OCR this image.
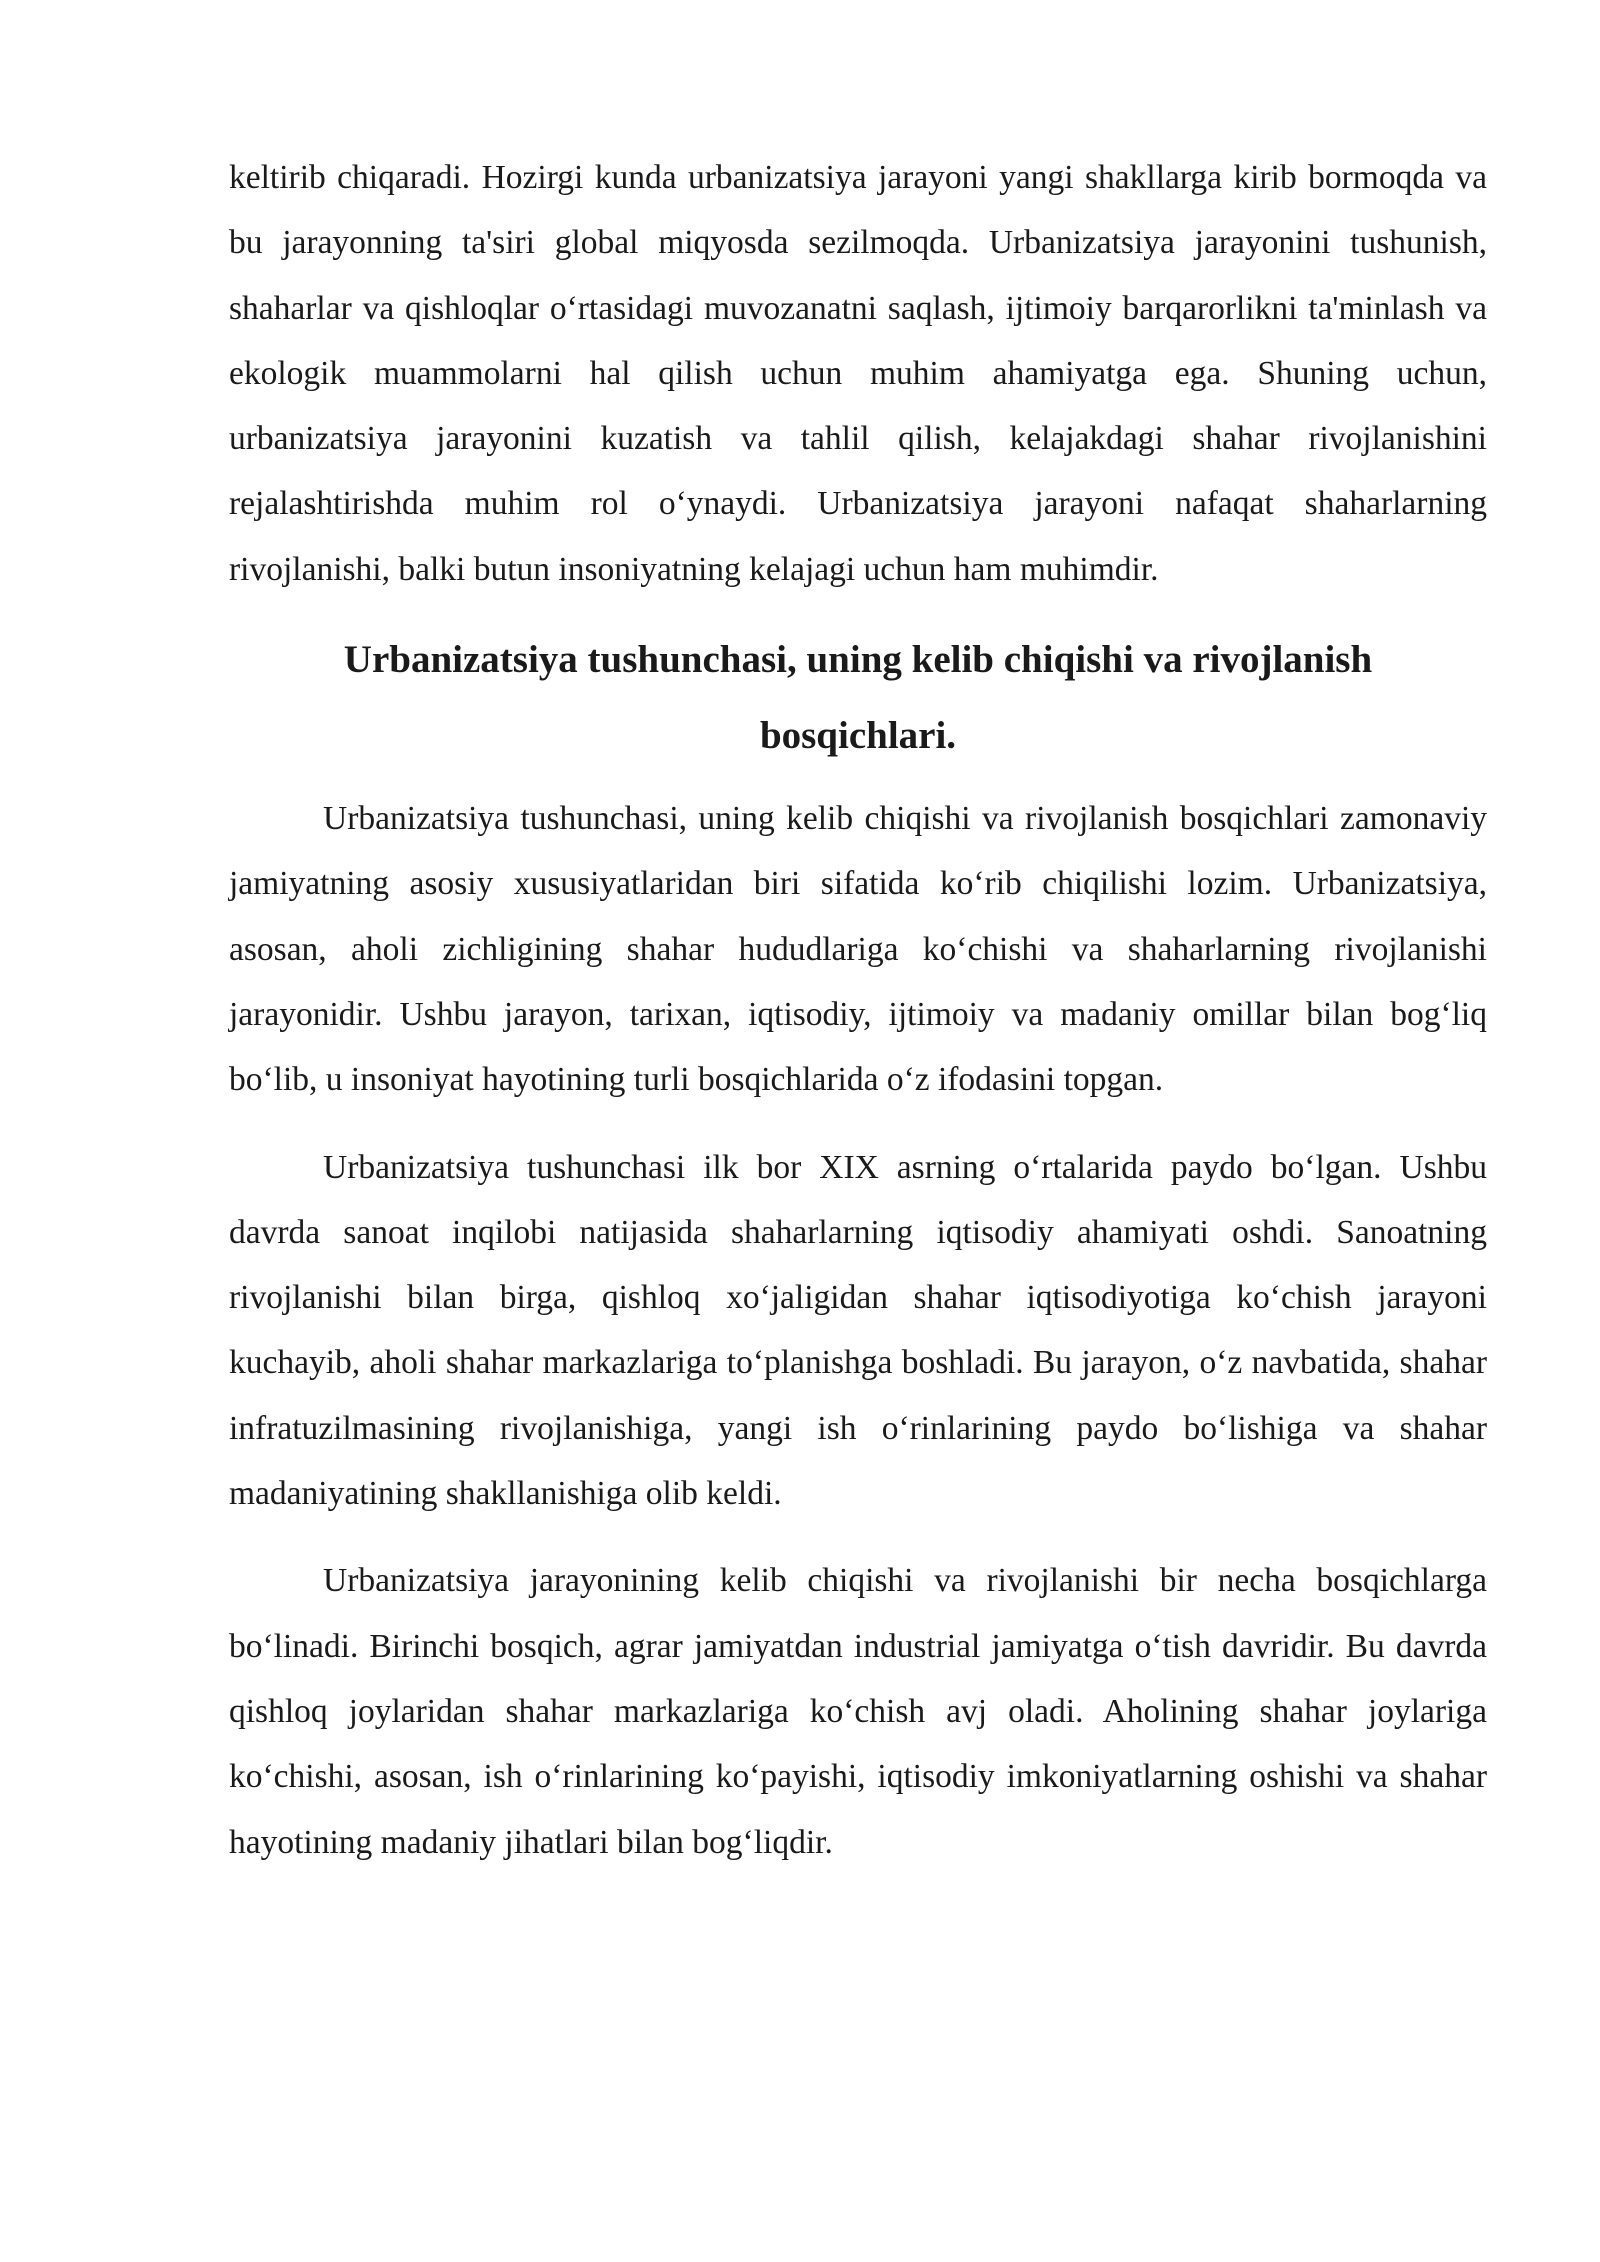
keltirib chiqaradi. Hozirgi kunda urbanizatsiya jarayoni yangi shakllarga kirib bormoqda va bu jarayonning ta'siri global miqyosda sezilmoqda. Urbanizatsiya jarayonini tushunish, shaharlar va qishloqlar o‘rtasidagi muvozanatni saqlash, ijtimoiy barqarorlikni ta'minlash va ekologik muammolarni hal qilish uchun muhim ahamiyatga ega. Shuning uchun, urbanizatsiya jarayonini kuzatish va tahlil qilish, kelajakdagi shahar rivojlanishini rejalashtirishda muhim rol o‘ynaydi. Urbanizatsiya jarayoni nafaqat shaharlarning rivojlanishi, balki butun insoniyatning kelajagi uchun ham muhimdir.

Urbanizatsiya tushunchasi, uning kelib chiqishi va rivojlanish bosqichlari.

Urbanizatsiya tushunchasi, uning kelib chiqishi va rivojlanish bosqichlari zamonaviy jamiyatning asosiy xususiyatlaridan biri sifatida ko‘rib chiqilishi lozim. Urbanizatsiya, asosan, aholi zichligining shahar hududlariga ko‘chishi va shaharlarning rivojlanishi jarayonidir. Ushbu jarayon, tarixan, iqtisodiy, ijtimoiy va madaniy omillar bilan bog‘liq bo‘lib, u insoniyat hayotining turli bosqichlarida o‘z ifodasini topgan.

Urbanizatsiya tushunchasi ilk bor XIX asrning o‘rtalarida paydo bo‘lgan. Ushbu davrda sanoat inqilobi natijasida shaharlarning iqtisodiy ahamiyati oshdi. Sanoatning rivojlanishi bilan birga, qishloq xo‘jaligidan shahar iqtisodiyotiga ko‘chish jarayoni kuchayib, aholi shahar markazlariga to‘planishga boshladi. Bu jarayon, o‘z navbatida, shahar infratuzilmasining rivojlanishiga, yangi ish o‘rinlarining paydo bo‘lishiga va shahar madaniyatining shakllanishiga olib keldi.

Urbanizatsiya jarayonining kelib chiqishi va rivojlanishi bir necha bosqichlarga bo‘linadi. Birinchi bosqich, agrar jamiyatdan industrial jamiyatga o‘tish davridir. Bu davrda qishloq joylaridan shahar markazlariga ko‘chish avj oladi. Aholining shahar joylariga ko‘chishi, asosan, ish o‘rinlarining ko‘payishi, iqtisodiy imkoniyatlarning oshishi va shahar hayotining madaniy jihatlari bilan bog‘liqdir.
